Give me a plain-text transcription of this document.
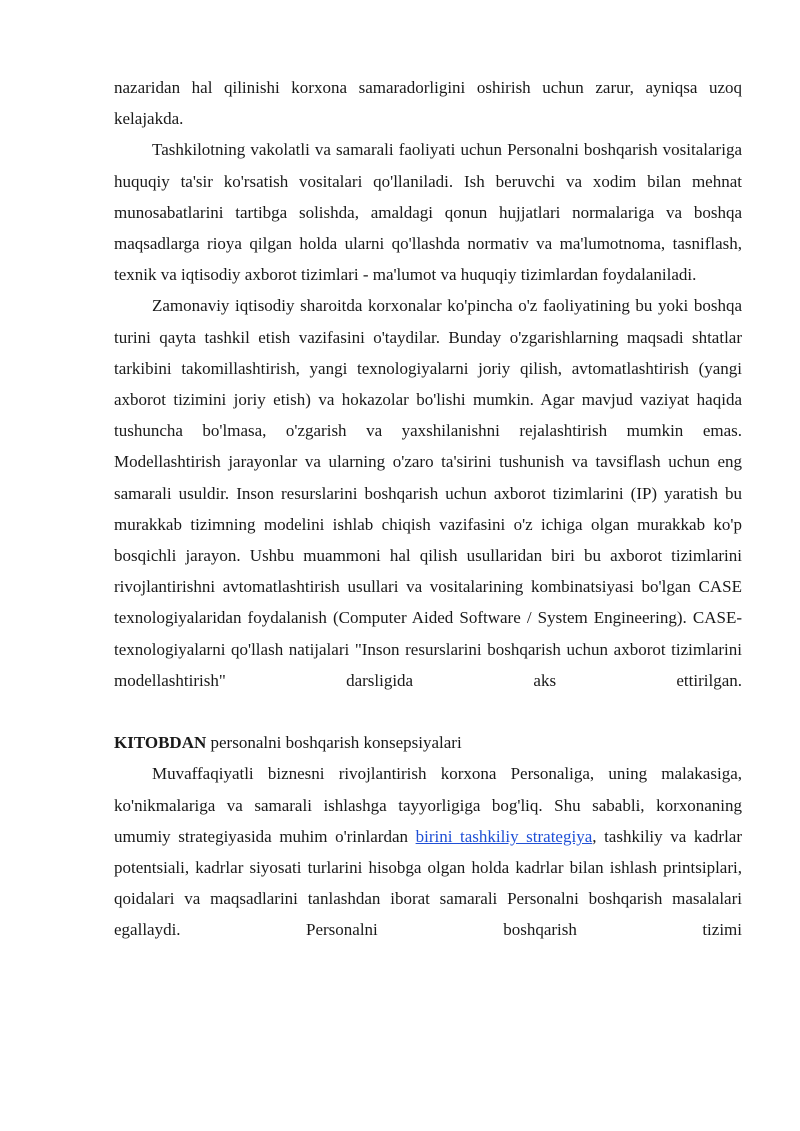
nazaridan hal qilinishi korxona samaradorligini oshirish uchun zarur, ayniqsa uzoq kelajakda.

Tashkilotning vakolatli va samarali faoliyati uchun Personalni boshqarish vositalariga huquqiy ta'sir ko'rsatish vositalari qo'llaniladi. Ish beruvchi va xodim bilan mehnat munosabatlarini tartibga solishda, amaldagi qonun hujjatlari normalariga va boshqa maqsadlarga rioya qilgan holda ularni qo'llashda normativ va ma'lumotnoma, tasniflash, texnik va iqtisodiy axborot tizimlari - ma'lumot va huquqiy tizimlardan foydalaniladi.

Zamonaviy iqtisodiy sharoitda korxonalar ko'pincha o'z faoliyatining bu yoki boshqa turini qayta tashkil etish vazifasini o'taydilar. Bunday o'zgarishlarning maqsadi shtatlar tarkibini takomillashtirish, yangi texnologiyalarni joriy qilish, avtomatlashtirish (yangi axborot tizimini joriy etish) va hokazolar bo'lishi mumkin. Agar mavjud vaziyat haqida tushuncha bo'lmasa, o'zgarish va yaxshilanishni rejalashtirish mumkin emas. Modellashtirish jarayonlar va ularning o'zaro ta'sirini tushunish va tavsiflash uchun eng samarali usuldir. Inson resurslarini boshqarish uchun axborot tizimlarini (IP) yaratish bu murakkab tizimning modelini ishlab chiqish vazifasini o'z ichiga olgan murakkab ko'p bosqichli jarayon. Ushbu muammoni hal qilish usullaridan biri bu axborot tizimlarini rivojlantirishni avtomatlashtirish usullari va vositalarining kombinatsiyasi bo'lgan CASE texnologiyalaridan foydalanish (Computer Aided Software / System Engineering). CASE-texnologiyalarni qo'llash natijalari "Inson resurslarini boshqarish uchun axborot tizimlarini modellashtirish" darsligida aks ettirilgan.

KITOBDAN personalni boshqarish konsepsiyalari

Muvaffaqiyatli biznesni rivojlantirish korxona Personaliga, uning malakasiga, ko'nikmalariga va samarali ishlashga tayyorligiga bog'liq. Shu sababli, korxonaning umumiy strategiyasida muhim o'rinlardan birini tashkiliy strategiya, tashkiliy va kadrlar potentsiali, kadrlar siyosati turlarini hisobga olgan holda kadrlar bilan ishlash printsiplari, qoidalari va maqsadlarini tanlashdan iborat samarali Personalni boshqarish masalalari egallaydi. Personalni boshqarish tizimi
